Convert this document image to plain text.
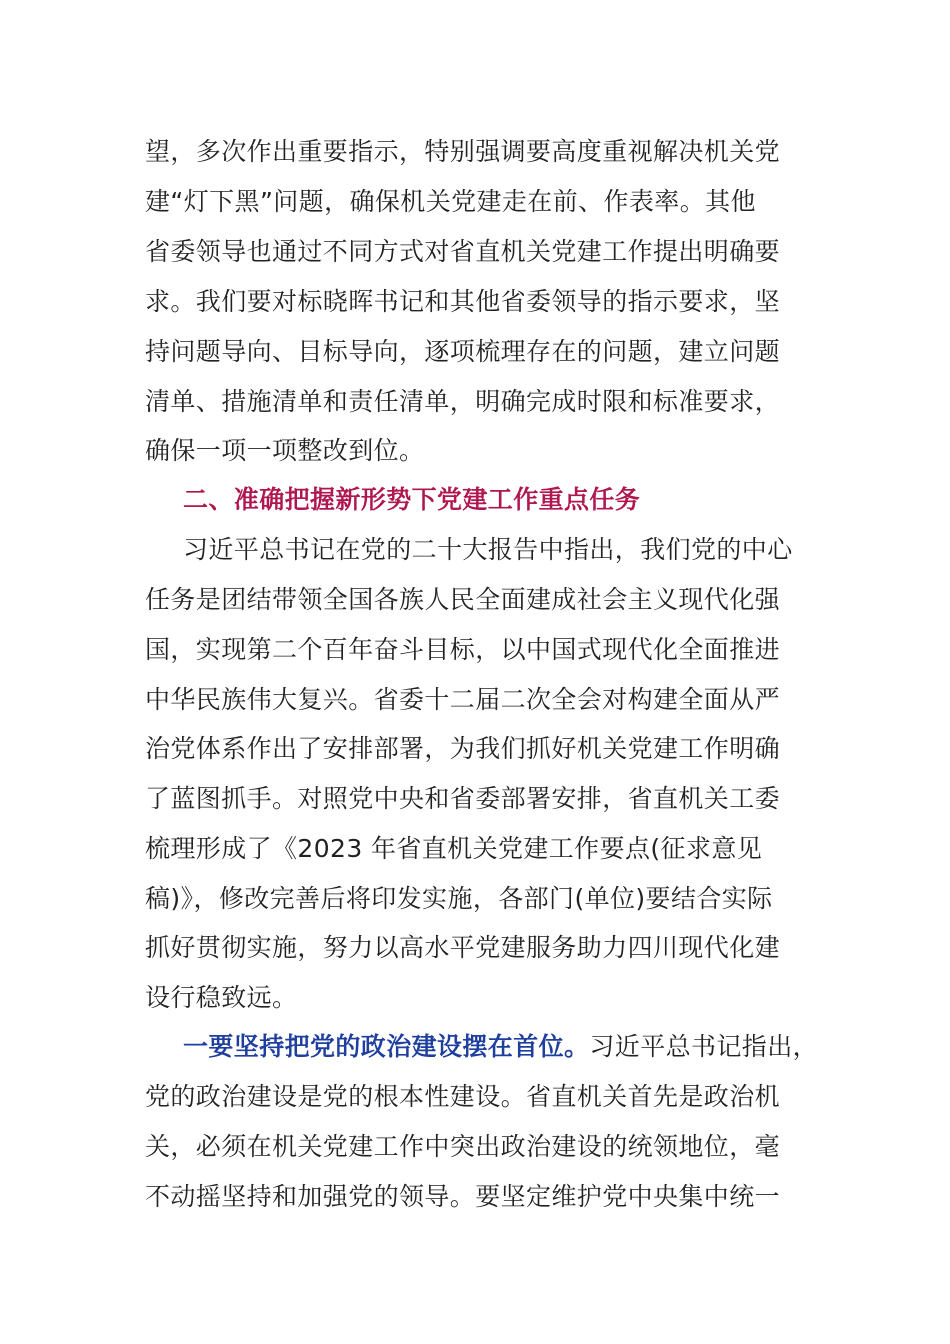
望，多次作出重要指示，特别强调要高度重视解决机关党
建“灯下黑”问题，确保机关党建走在前、作表率。其他
省委领导也通过不同方式对省直机关党建工作提出明确要
求。我们要对标晓晖书记和其他省委领导的指示要求，坚
持问题导向、目标导向，逐项梳理存在的问题，建立问题
清单、措施清单和责任清单，明确完成时限和标准要求，
确保一项一项整改到位。
二、准确把握新形势下党建工作重点任务
习近平总书记在党的二十大报告中指出，我们党的中心
任务是团结带领全国各族人民全面建成社会主义现代化强
国，实现第二个百年奋斗目标，以中国式现代化全面推进
中华民族伟大复兴。省委十二届二次全会对构建全面从严
治党体系作出了安排部署，为我们抓好机关党建工作明确
了蓝图抓手。对照党中央和省委部署安排，省直机关工委
梳理形成了《2023 年省直机关党建工作要点(征求意见
稿)》，修改完善后将印发实施，各部门(单位)要结合实际
抓好贯彻实施，努力以高水平党建服务助力四川现代化建
设行稳致远。
一要坚持把党的政治建设摆在首位。习近平总书记指出，
党的政治建设是党的根本性建设。省直机关首先是政治机
关，必须在机关党建工作中突出政治建设的统领地位，毫
不动摇坚持和加强党的领导。要坚定维护党中央集中统一
